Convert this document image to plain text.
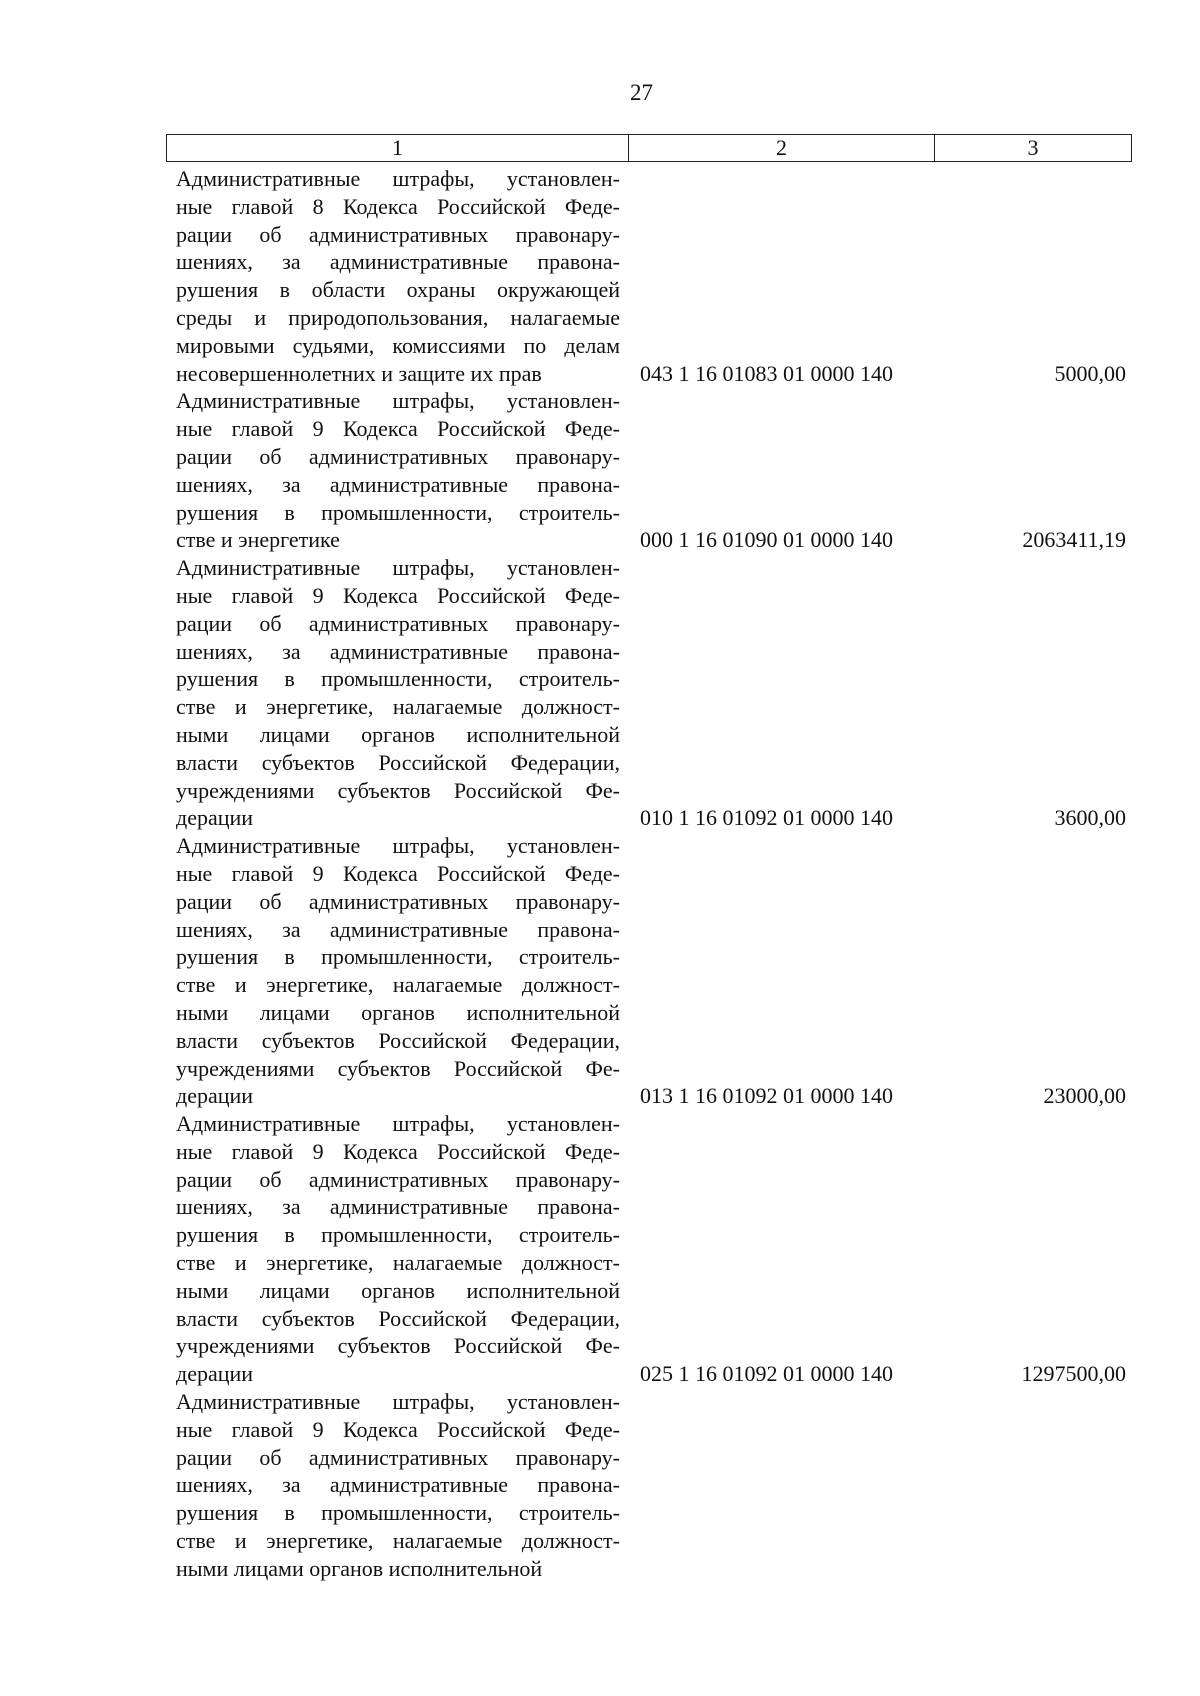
27
1	2	3
Административные штрафы, установлен-
ные главой 8 Кодекса Российской Феде-
рации об административных правонару-
шениях, за административные правона-
рушения в области охраны окружающей
среды и природопользования, налагаемые
мировыми судьями, комиссиями по делам
несовершеннолетних и защите их прав	043 1 16 01083 01 0000 140	5000,00
Административные штрафы, установлен-
ные главой 9 Кодекса Российской Феде-
рации об административных правонару-
шениях, за административные правона-
рушения в промышленности, строитель-
стве и энергетике	000 1 16 01090 01 0000 140	2063411,19
Административные штрафы, установлен-
ные главой 9 Кодекса Российской Феде-
рации об административных правонару-
шениях, за административные правона-
рушения в промышленности, строитель-
стве и энергетике, налагаемые должност-
ными лицами органов исполнительной
власти субъектов Российской Федерации,
учреждениями субъектов Российской Фе-
дерации	010 1 16 01092 01 0000 140	3600,00
Административные штрафы, установлен-
ные главой 9 Кодекса Российской Феде-
рации об административных правонару-
шениях, за административные правона-
рушения в промышленности, строитель-
стве и энергетике, налагаемые должност-
ными лицами органов исполнительной
власти субъектов Российской Федерации,
учреждениями субъектов Российской Фе-
дерации	013 1 16 01092 01 0000 140	23000,00
Административные штрафы, установлен-
ные главой 9 Кодекса Российской Феде-
рации об административных правонару-
шениях, за административные правона-
рушения в промышленности, строитель-
стве и энергетике, налагаемые должност-
ными лицами органов исполнительной
власти субъектов Российской Федерации,
учреждениями субъектов Российской Фе-
дерации	025 1 16 01092 01 0000 140	1297500,00
Административные штрафы, установлен-
ные главой 9 Кодекса Российской Феде-
рации об административных правонару-
шениях, за административные правона-
рушения в промышленности, строитель-
стве и энергетике, налагаемые должност-
ными лицами органов исполнительной
